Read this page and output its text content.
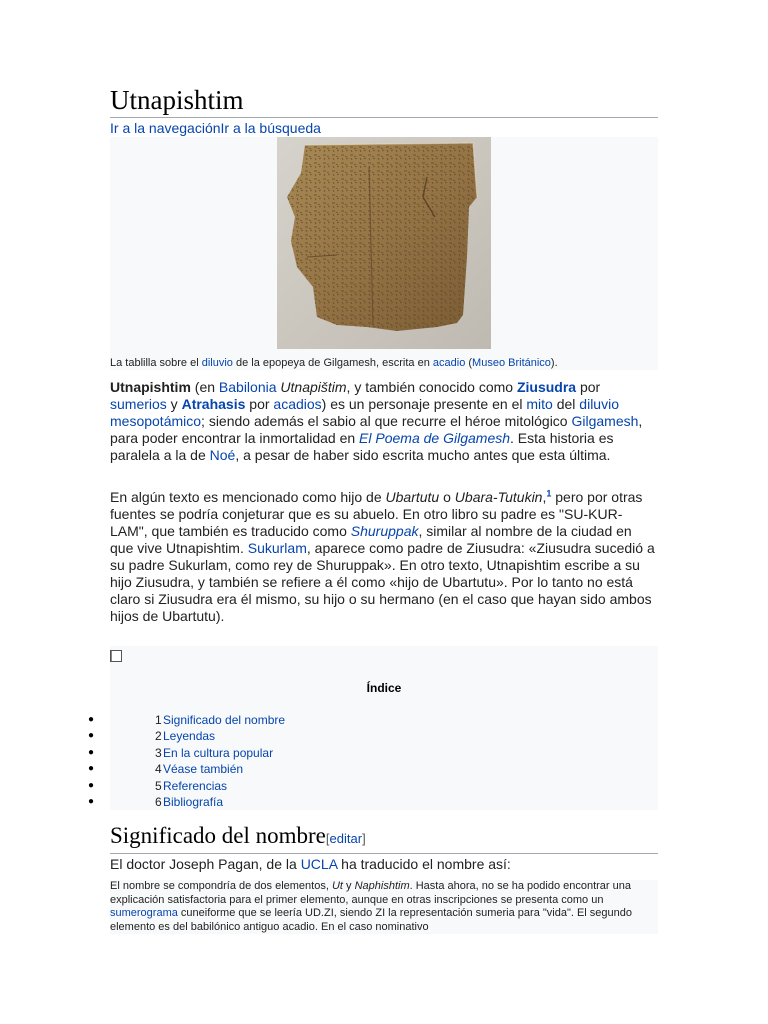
Utnapishtim
Ir a la navegaciónIr a la búsqueda
La tablilla sobre el diluvio de la epopeya de Gilgamesh, escrita en acadio (Museo Británico).
Utnapishtim (en Babilonia Utnapištim, y también conocido como Ziusudra por sumerios y Atrahasis por acadios) es un personaje presente en el mito del diluvio mesopotámico; siendo además el sabio al que recurre el héroe mitológico Gilgamesh, para poder encontrar la inmortalidad en El Poema de Gilgamesh. Esta historia es paralela a la de Noé, a pesar de haber sido escrita mucho antes que esta última.
En algún texto es mencionado como hijo de Ubartutu o Ubara-Tutukin,$^1$ pero por otras fuentes se podría conjeturar que es su abuelo. En otro libro su padre es "SU-KUR-LAM", que también es traducido como Shuruppak, similar al nombre de la ciudad en que vive Utnapishtim. Sukurlam, aparece como padre de Ziusudra: «Ziusudra sucedió a su padre Sukurlam, como rey de Shuruppak». En otro texto, Utnapishtim escribe a su hijo Ziusudra, y también se refiere a él como «hijo de Ubartutu». Por lo tanto no está claro si Ziusudra era él mismo, su hijo o su hermano (en el caso que hayan sido ambos hijos de Ubartutu).
Índice
●	1 Significado del nombre
●	2 Leyendas
●	3 En la cultura popular
●	4 Véase también
●	5 Referencias
●	6 Bibliografía
Significado del nombre[editar]
El doctor Joseph Pagan, de la UCLA ha traducido el nombre así:
El nombre se compondría de dos elementos, Ut y Naphishtim. Hasta ahora, no se ha podido encontrar una explicación satisfactoria para el primer elemento, aunque en otras inscripciones se presenta como un sumerograma cuneiforme que se leería UD.ZI, siendo ZI la representación sumeria para "vida". El segundo elemento es del babilónico antiguo acadio. En el caso nominativo
